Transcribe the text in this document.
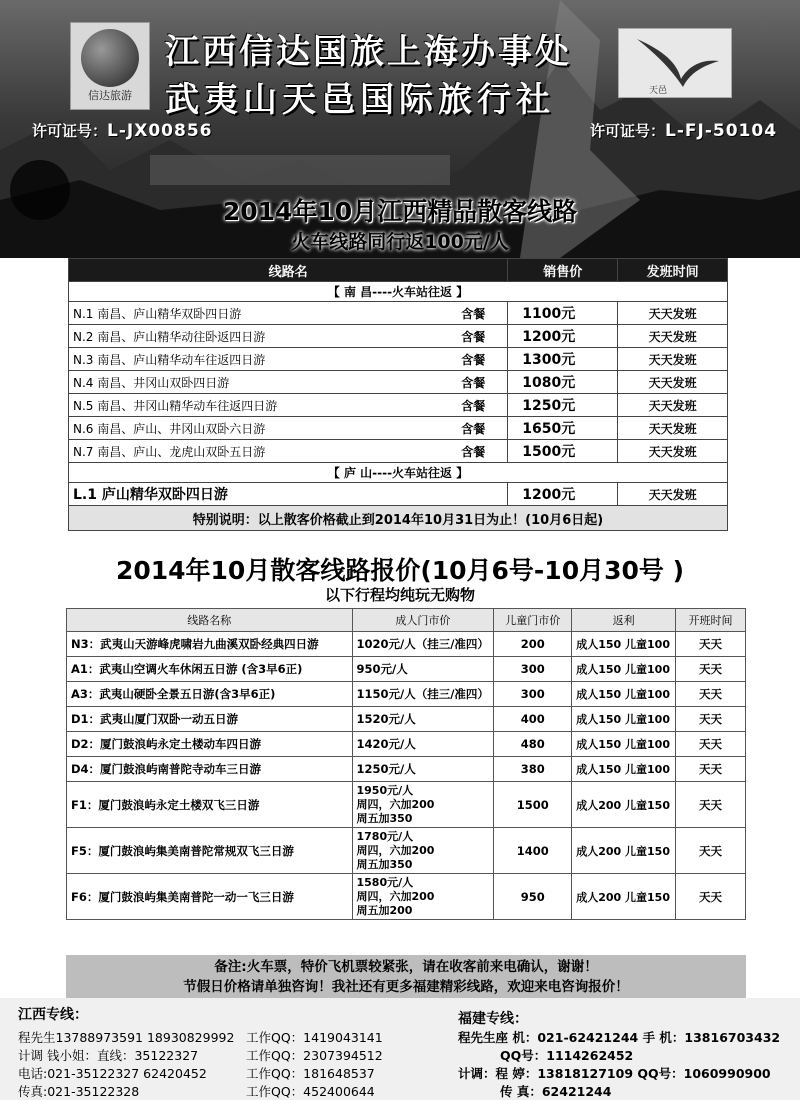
信达旅游	天邑
江西信达国旅上海办事处
武夷山天邑国际旅行社
许可证号：L-JX00856	许可证号：L-FJ-50104
2014年10月江西精品散客线路
火车线路同行返100元/人
线路名	销售价	发班时间
【 南 昌----火车站往返 】		
N.1 南昌、庐山精华双卧四日游 含餐	1100元	天天发班
N.2 南昌、庐山精华动往卧返四日游 含餐	1200元	天天发班
N.3 南昌、庐山精华动车往返四日游 含餐	1300元	天天发班
N.4 南昌、井冈山双卧四日游 含餐	1080元	天天发班
N.5 南昌、井冈山精华动车往返四日游 含餐	1250元	天天发班
N.6 南昌、庐山、井冈山双卧六日游 含餐	1650元	天天发班
N.7 南昌、庐山、龙虎山双卧五日游 含餐	1500元	天天发班
【 庐 山----火车站往返 】		
L.1 庐山精华双卧四日游	1200元	天天发班
特别说明：以上散客价格截止到2014年10月31日为止！(10月6日起)		
2014年10月散客线路报价(10月6号-10月30号 )
以下行程均纯玩无购物
线路名称	成人门市价	儿童门市价	返利	开班时间
N3：武夷山天游峰虎啸岩九曲溪双卧经典四日游	1020元/人（挂三/准四）	200	成人150 儿童100	天天
A1：武夷山空调火车休闲五日游 (含3早6正)	950元/人	300	成人150 儿童100	天天
A3：武夷山硬卧全景五日游(含3早6正)	1150元/人（挂三/准四）	300	成人150 儿童100	天天
D1：武夷山厦门双卧一动五日游	1520元/人	400	成人150 儿童100	天天
D2：厦门鼓浪屿永定土楼动车四日游	1420元/人	480	成人150 儿童100	天天
D4：厦门鼓浪屿南普陀寺动车三日游	1250元/人	380	成人150 儿童100	天天
F1：厦门鼓浪屿永定土楼双飞三日游	1950元/人
周四，六加200
周五加350	1500	成人200 儿童150	天天
F5：厦门鼓浪屿集美南普陀常规双飞三日游	1780元/人
周四，六加200
周五加350	1400	成人200 儿童150	天天
F6：厦门鼓浪屿集美南普陀一动一飞三日游	1580元/人
周四，六加200
周五加200	950	成人200 儿童150	天天
备注:火车票，特价飞机票较紧张，请在收客前来电确认，谢谢！
节假日价格请单独咨询！我社还有更多福建精彩线路，欢迎来电咨询报价！
江西专线：
程先生13788973591 18930829992
计调 钱小姐：直线：35122327
电话:021-35122327 62420452
传真:021-35122328
工作QQ：1419043141
工作QQ：2307394512
工作QQ：181648537
工作QQ：452400644
福建专线：
程先生座 机：021-62421244 手 机：13816703432
QQ号：1114262452
计调：程 婷：13818127109 QQ号：1060990900
传 真：62421244
